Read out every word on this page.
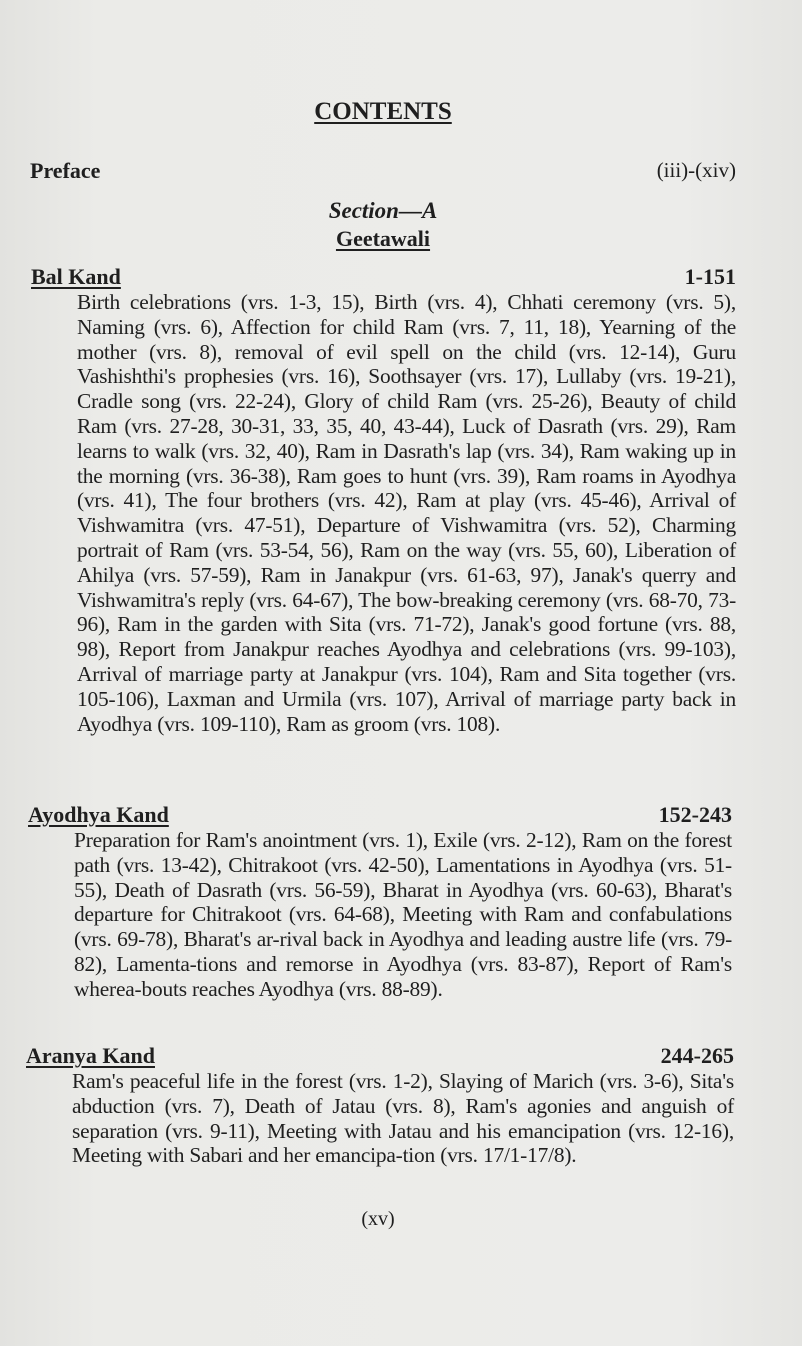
CONTENTS
Preface	(iii)-(xiv)
Section—A
Geetawali
Bal Kand	1-151

Birth celebrations (vrs. 1-3, 15), Birth (vrs. 4), Chhati ceremony (vrs. 5), Naming (vrs. 6), Affection for child Ram (vrs. 7, 11, 18), Yearning of the mother (vrs. 8), removal of evil spell on the child (vrs. 12-14), Guru Vashishthi's prophesies (vrs. 16), Soothsayer (vrs. 17), Lullaby (vrs. 19-21), Cradle song (vrs. 22-24), Glory of child Ram (vrs. 25-26), Beauty of child Ram (vrs. 27-28, 30-31, 33, 35, 40, 43-44), Luck of Dasrath (vrs. 29), Ram learns to walk (vrs. 32, 40), Ram in Dasrath's lap (vrs. 34), Ram waking up in the morning (vrs. 36-38), Ram goes to hunt (vrs. 39), Ram roams in Ayodhya (vrs. 41), The four brothers (vrs. 42), Ram at play (vrs. 45-46), Arrival of Vishwamitra (vrs. 47-51), Departure of Vishwamitra (vrs. 52), Charming portrait of Ram (vrs. 53-54, 56), Ram on the way (vrs. 55, 60), Liberation of Ahilya (vrs. 57-59), Ram in Janakpur (vrs. 61-63, 97), Janak's querry and Vishwamitra's reply (vrs. 64-67), The bow-breaking ceremony (vrs. 68-70, 73-96), Ram in the garden with Sita (vrs. 71-72), Janak's good fortune (vrs. 88, 98), Report from Janakpur reaches Ayodhya and celebrations (vrs. 99-103), Arrival of marriage party at Janakpur (vrs. 104), Ram and Sita together (vrs. 105-106), Laxman and Urmila (vrs. 107), Arrival of marriage party back in Ayodhya (vrs. 109-110), Ram as groom (vrs. 108).

Ayodhya Kand	152-243

Preparation for Ram's anointment (vrs. 1), Exile (vrs. 2-12), Ram on the forest path (vrs. 13-42), Chitrakoot (vrs. 42-50), Lamentations in Ayodhya (vrs. 51-55), Death of Dasrath (vrs. 56-59), Bharat in Ayodhya (vrs. 60-63), Bharat's departure for Chitrakoot (vrs. 64-68), Meeting with Ram and confabulations (vrs. 69-78), Bharat's ar-rival back in Ayodhya and leading austre life (vrs. 79-82), Lamenta-tions and remorse in Ayodhya (vrs. 83-87), Report of Ram's wherea-bouts reaches Ayodhya (vrs. 88-89).

Aranya Kand	244-265

Ram's peaceful life in the forest (vrs. 1-2), Slaying of Marich (vrs. 3-6), Sita's abduction (vrs. 7), Death of Jatau (vrs. 8), Ram's agonies and anguish of separation (vrs. 9-11), Meeting with Jatau and his emancipation (vrs. 12-16), Meeting with Sabari and her emancipa-tion (vrs. 17/1-17/8).

(xv)
